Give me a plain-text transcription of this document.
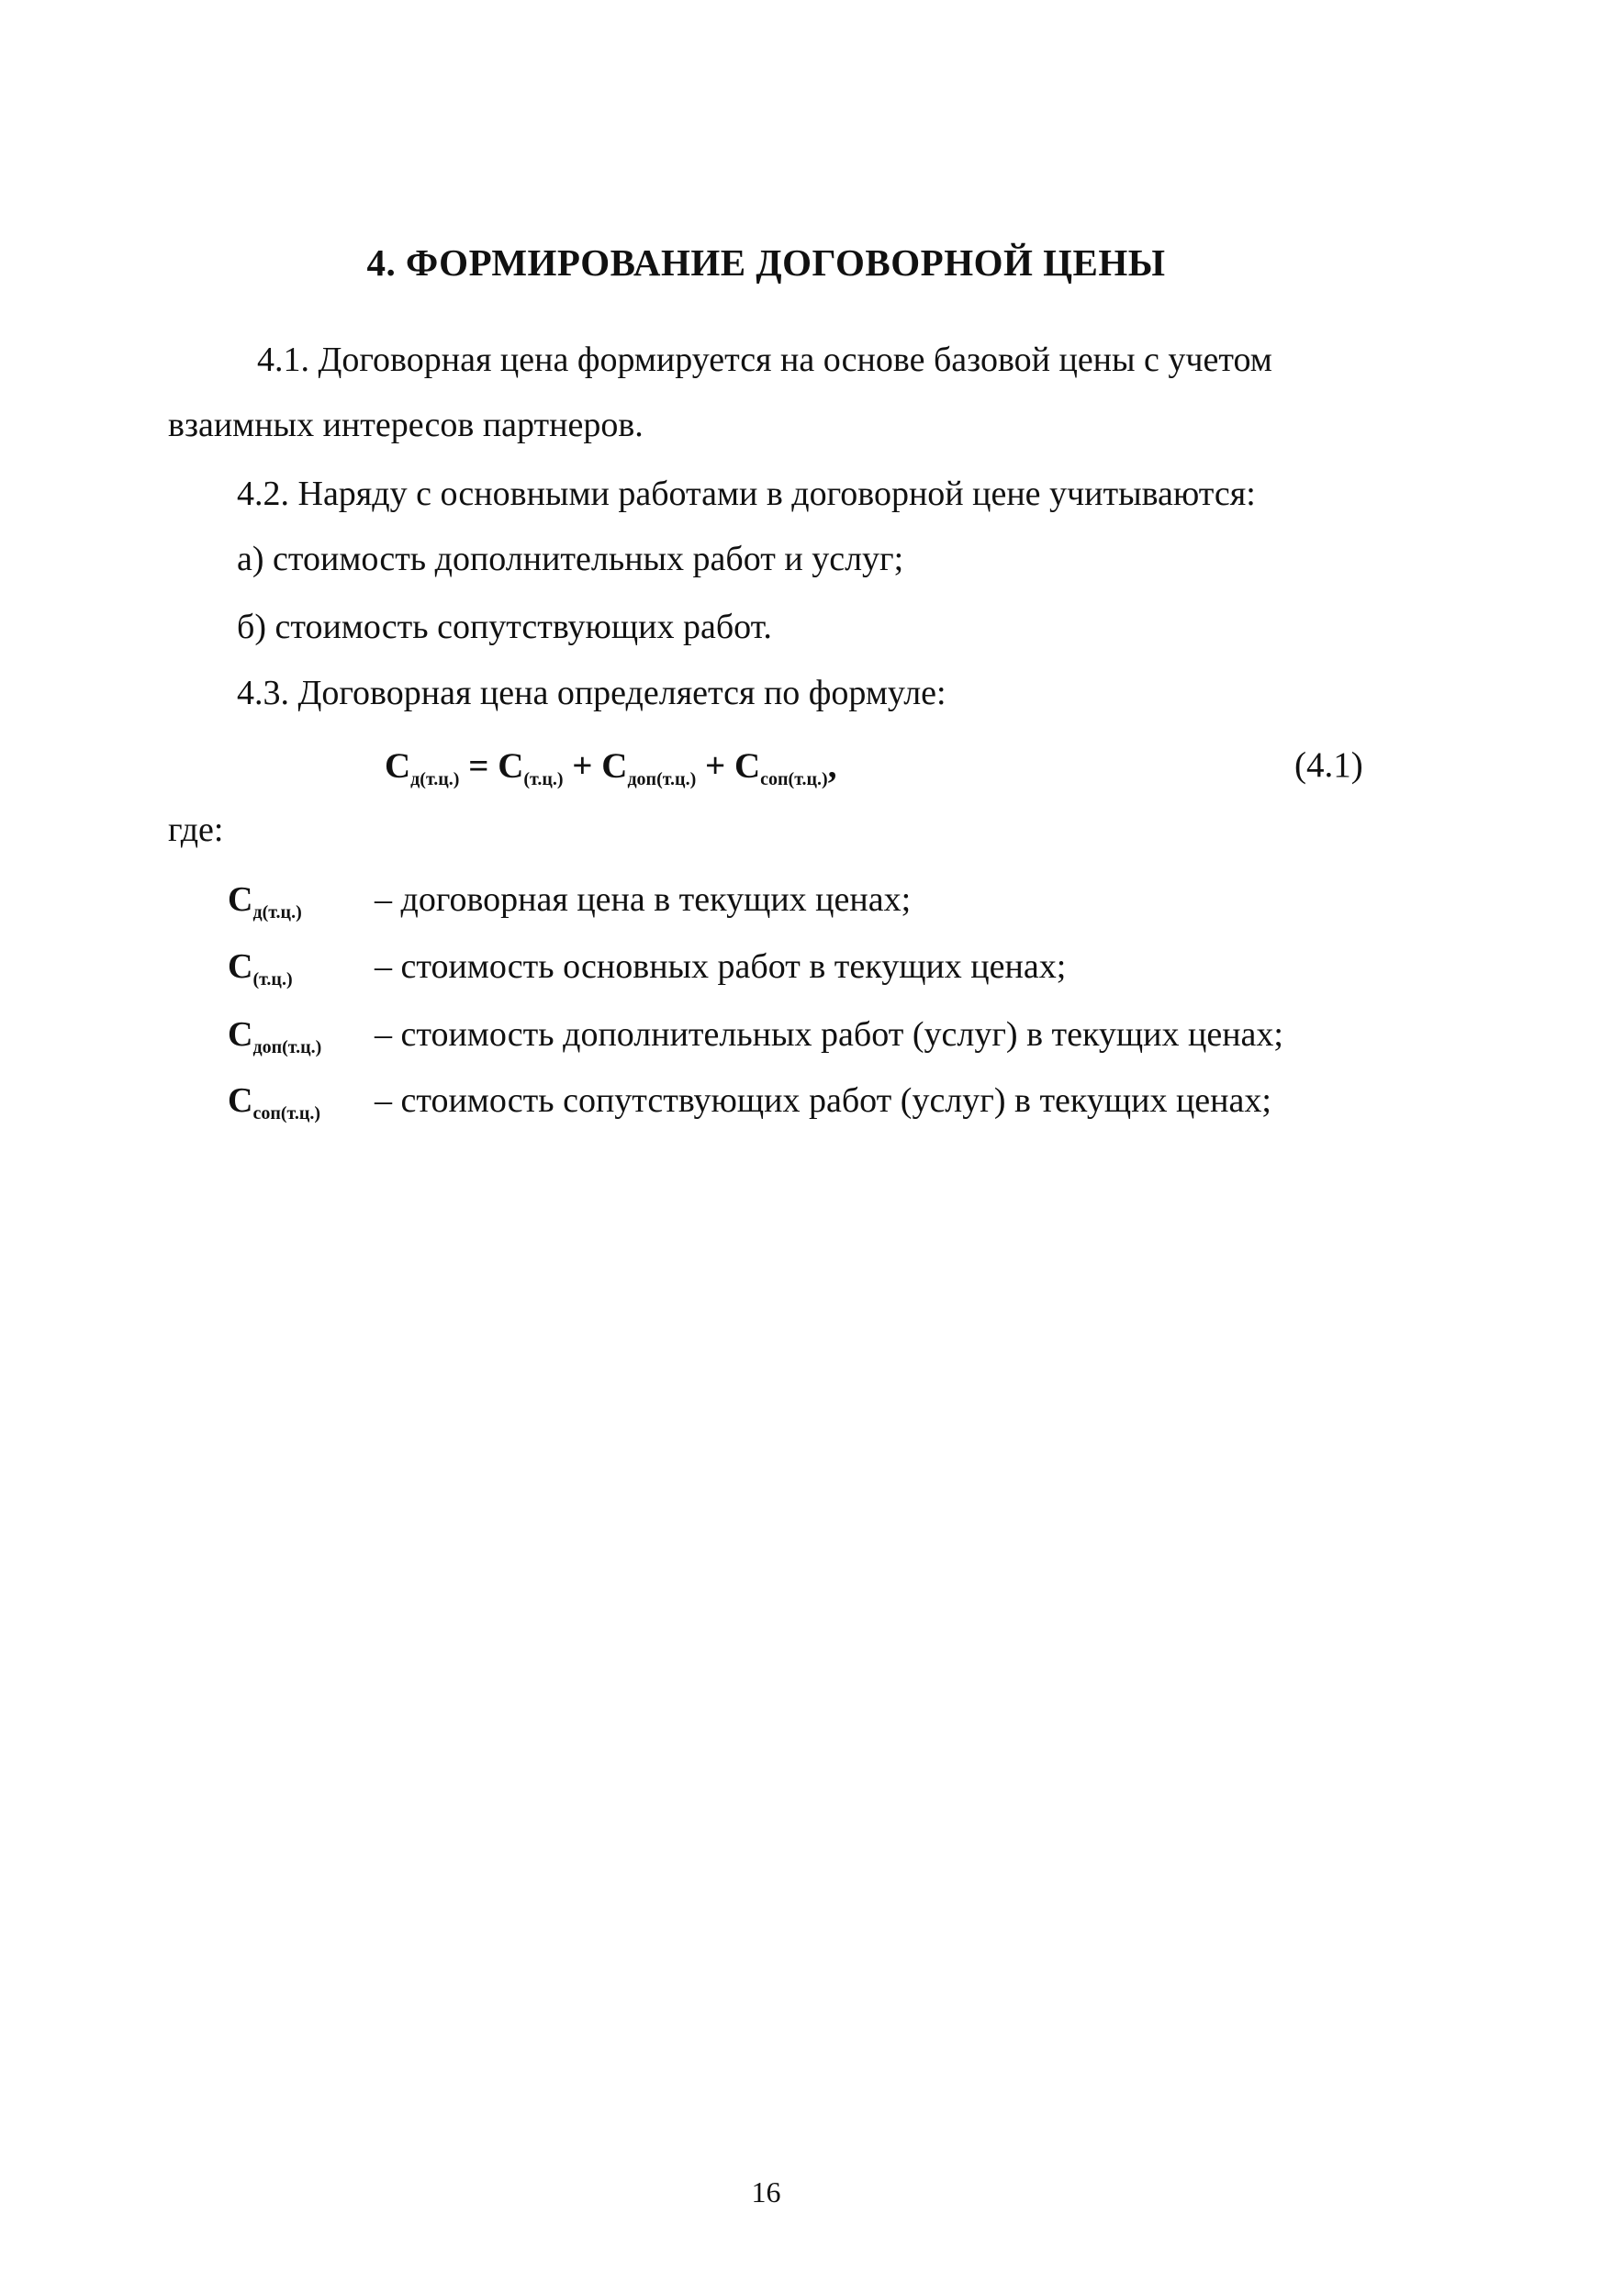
4. ФОРМИРОВАНИЕ ДОГОВОРНОЙ ЦЕНЫ
4.1. Договорная цена формируется на основе базовой цены с учетом
взаимных интересов партнеров.
4.2. Наряду с основными работами в договорной цене учитываются:
а) стоимость дополнительных работ и услуг;
б) стоимость сопутствующих работ.
4.3. Договорная цена определяется по формуле:
$С_{д(т.ц.)} = С_{(т.ц.)} + С_{доп(т.ц.)} + С_{соп(т.ц.)}$,	(4.1)
где:
$С_{д(т.ц.)}$ – договорная цена в текущих ценах;
$С_{(т.ц.)}$ – стоимость основных работ в текущих ценах;
$С_{доп(т.ц.)}$ – стоимость дополнительных работ (услуг) в текущих ценах;
$С_{соп(т.ц.)}$ – стоимость сопутствующих работ (услуг) в текущих ценах;
16
